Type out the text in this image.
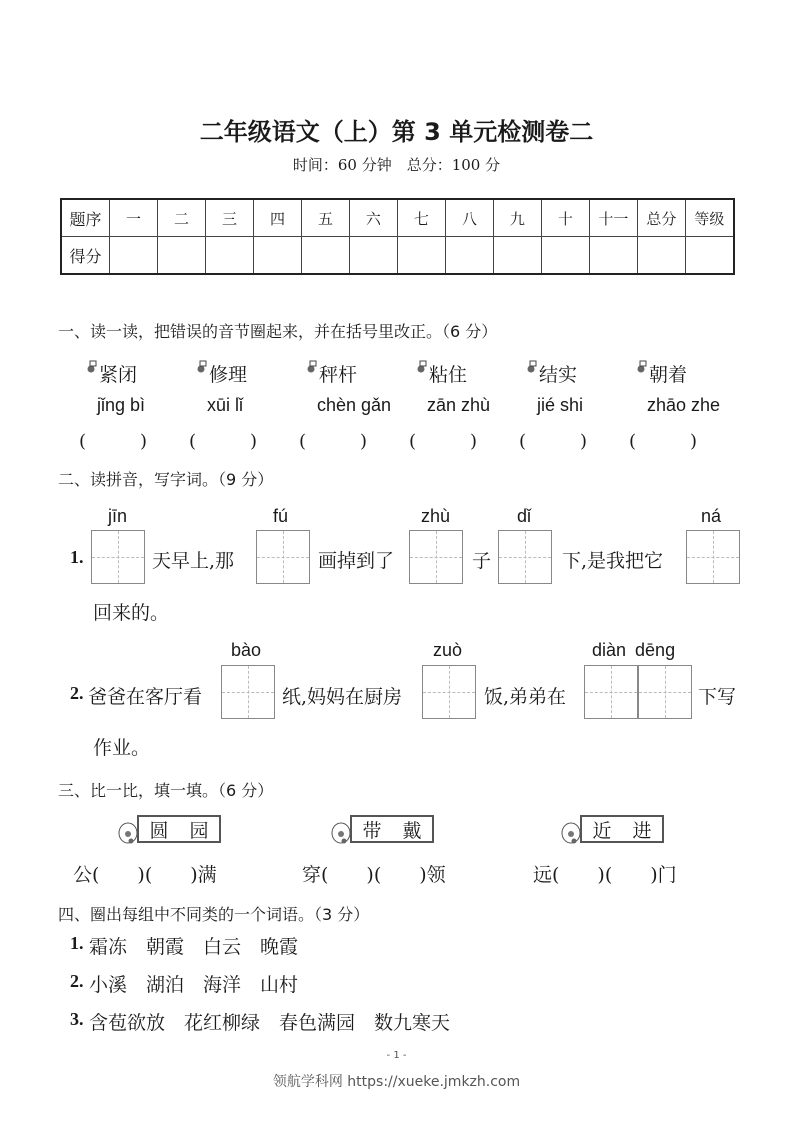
二年级语文（上）第 3 单元检测卷二
时间：60 分钟　总分：100 分
题序	一	二	三	四	五	六	七	八	九	十	十一	总分	等级
得分													
一、读一读，把错误的音节圈起来，并在括号里改正。（6 分）
紧闭
jǐng bì
(　　　)
修理
xūi lǐ
(　　　)
秤杆
chèn gǎn
(　　　)
粘住
zān zhù
(　　　)
结实
jié shi
(　　　)
朝着
zhāo zhe
(　　　)
二、读拼音，写字词。（9 分）
jīn	fú	zhù	dǐ	ná
1.	天早上,那	画掉到了	子	下,是我把它
回来的。
bào	zuò	diàn dēng
2. 爸爸在客厅看	纸,妈妈在厨房	饭,弟弟在	下写
作业。
三、比一比，填一填。（6 分）
圆 园
公(　　)(　　)满
带 戴
穿(　　)(　　)领
近 进
远(　　)(　　)门
四、圈出每组中不同类的一个词语。（3 分）
1. 霜冻　朝霞　白云　晚霞
2. 小溪　湖泊　海洋　山村
3. 含苞欲放　花红柳绿　春色满园　数九寒天
- 1 -
领航学科网 https://xueke.jmkzh.com
